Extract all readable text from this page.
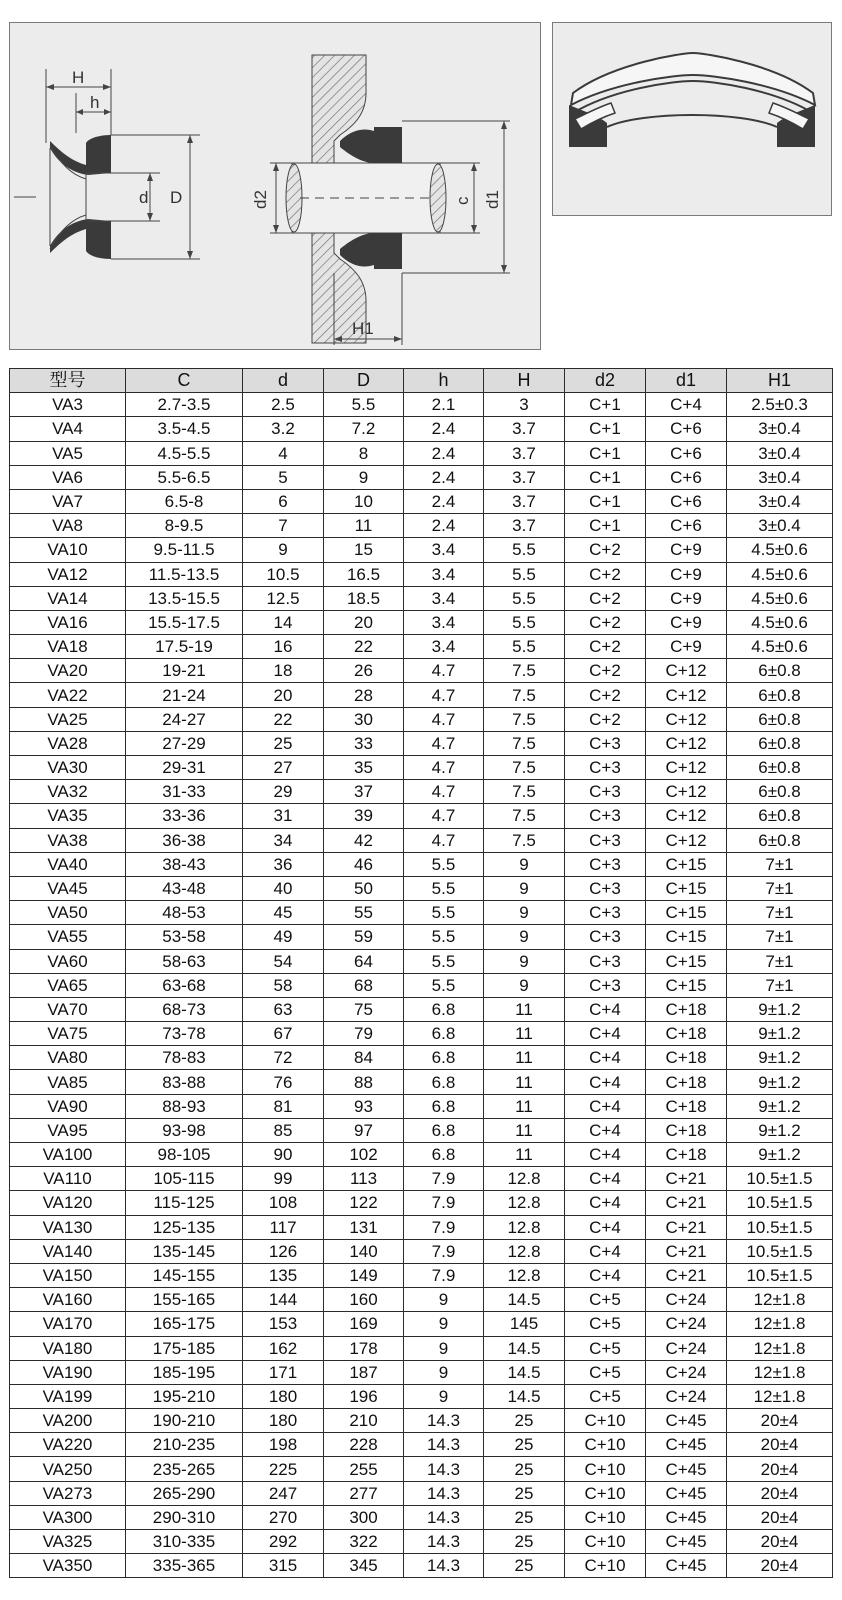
H
h
d D	d2	c d1
H1
型号	C	d	D	h	H	d2	d1	H1
VA3	2.7-3.5	2.5	5.5	2.1	3	C+1	C+4	2.5±0.3
VA4	3.5-4.5	3.2	7.2	2.4	3.7	C+1	C+6	3±0.4
VA5	4.5-5.5	4	8	2.4	3.7	C+1	C+6	3±0.4
VA6	5.5-6.5	5	9	2.4	3.7	C+1	C+6	3±0.4
VA7	6.5-8	6	10	2.4	3.7	C+1	C+6	3±0.4
VA8	8-9.5	7	11	2.4	3.7	C+1	C+6	3±0.4
VA10	9.5-11.5	9	15	3.4	5.5	C+2	C+9	4.5±0.6
VA12	11.5-13.5	10.5	16.5	3.4	5.5	C+2	C+9	4.5±0.6
VA14	13.5-15.5	12.5	18.5	3.4	5.5	C+2	C+9	4.5±0.6
VA16	15.5-17.5	14	20	3.4	5.5	C+2	C+9	4.5±0.6
VA18	17.5-19	16	22	3.4	5.5	C+2	C+9	4.5±0.6
VA20	19-21	18	26	4.7	7.5	C+2	C+12	6±0.8
VA22	21-24	20	28	4.7	7.5	C+2	C+12	6±0.8
VA25	24-27	22	30	4.7	7.5	C+2	C+12	6±0.8
VA28	27-29	25	33	4.7	7.5	C+3	C+12	6±0.8
VA30	29-31	27	35	4.7	7.5	C+3	C+12	6±0.8
VA32	31-33	29	37	4.7	7.5	C+3	C+12	6±0.8
VA35	33-36	31	39	4.7	7.5	C+3	C+12	6±0.8
VA38	36-38	34	42	4.7	7.5	C+3	C+12	6±0.8
VA40	38-43	36	46	5.5	9	C+3	C+15	7±1
VA45	43-48	40	50	5.5	9	C+3	C+15	7±1
VA50	48-53	45	55	5.5	9	C+3	C+15	7±1
VA55	53-58	49	59	5.5	9	C+3	C+15	7±1
VA60	58-63	54	64	5.5	9	C+3	C+15	7±1
VA65	63-68	58	68	5.5	9	C+3	C+15	7±1
VA70	68-73	63	75	6.8	11	C+4	C+18	9±1.2
VA75	73-78	67	79	6.8	11	C+4	C+18	9±1.2
VA80	78-83	72	84	6.8	11	C+4	C+18	9±1.2
VA85	83-88	76	88	6.8	11	C+4	C+18	9±1.2
VA90	88-93	81	93	6.8	11	C+4	C+18	9±1.2
VA95	93-98	85	97	6.8	11	C+4	C+18	9±1.2
VA100	98-105	90	102	6.8	11	C+4	C+18	9±1.2
VA110	105-115	99	113	7.9	12.8	C+4	C+21	10.5±1.5
VA120	115-125	108	122	7.9	12.8	C+4	C+21	10.5±1.5
VA130	125-135	117	131	7.9	12.8	C+4	C+21	10.5±1.5
VA140	135-145	126	140	7.9	12.8	C+4	C+21	10.5±1.5
VA150	145-155	135	149	7.9	12.8	C+4	C+21	10.5±1.5
VA160	155-165	144	160	9	14.5	C+5	C+24	12±1.8
VA170	165-175	153	169	9	145	C+5	C+24	12±1.8
VA180	175-185	162	178	9	14.5	C+5	C+24	12±1.8
VA190	185-195	171	187	9	14.5	C+5	C+24	12±1.8
VA199	195-210	180	196	9	14.5	C+5	C+24	12±1.8
VA200	190-210	180	210	14.3	25	C+10	C+45	20±4
VA220	210-235	198	228	14.3	25	C+10	C+45	20±4
VA250	235-265	225	255	14.3	25	C+10	C+45	20±4
VA273	265-290	247	277	14.3	25	C+10	C+45	20±4
VA300	290-310	270	300	14.3	25	C+10	C+45	20±4
VA325	310-335	292	322	14.3	25	C+10	C+45	20±4
VA350	335-365	315	345	14.3	25	C+10	C+45	20±4
